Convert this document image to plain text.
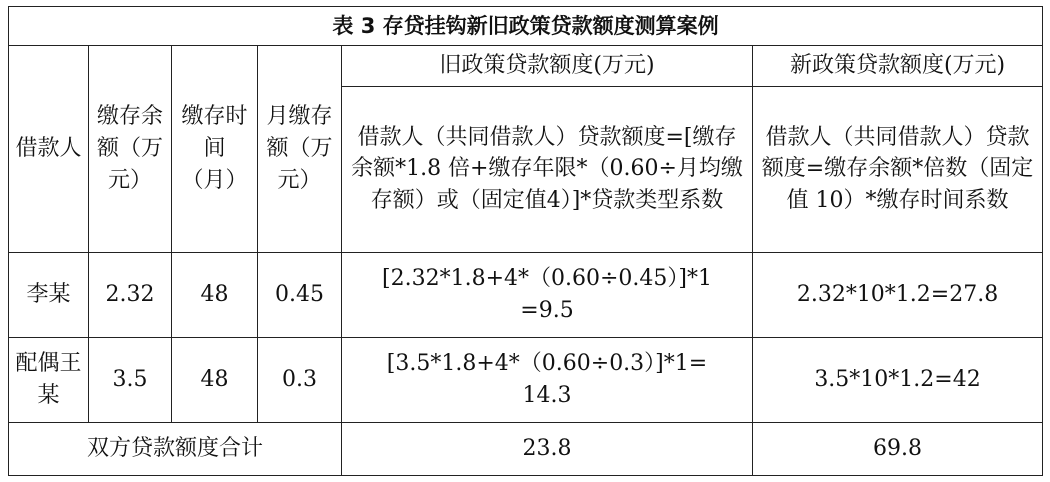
表 3 存贷挂钩新旧政策贷款额度测算案例					
借款人	缴存余额（万元）	缴存时间（月）	月缴存额（万元）	旧政策贷款额度(万元)	新政策贷款额度(万元)
				借款人（共同借款人）贷款额度=[缴存余额*1.8 倍+缴存年限*（0.60÷月均缴存额）或（固定值4）]*贷款类型系数	借款人（共同借款人）贷款额度=缴存余额*倍数（固定值 10）*缴存时间系数
李某	2.32	48	0.45	[2.32*1.8+4*（0.60÷0.45）]*1=9.5	2.32*10*1.2=27.8
配偶王某	3.5	48	0.3	[3.5*1.8+4*（0.60÷0.3）]*1=14.3	3.5*10*1.2=42
双方贷款额度合计				23.8	69.8
